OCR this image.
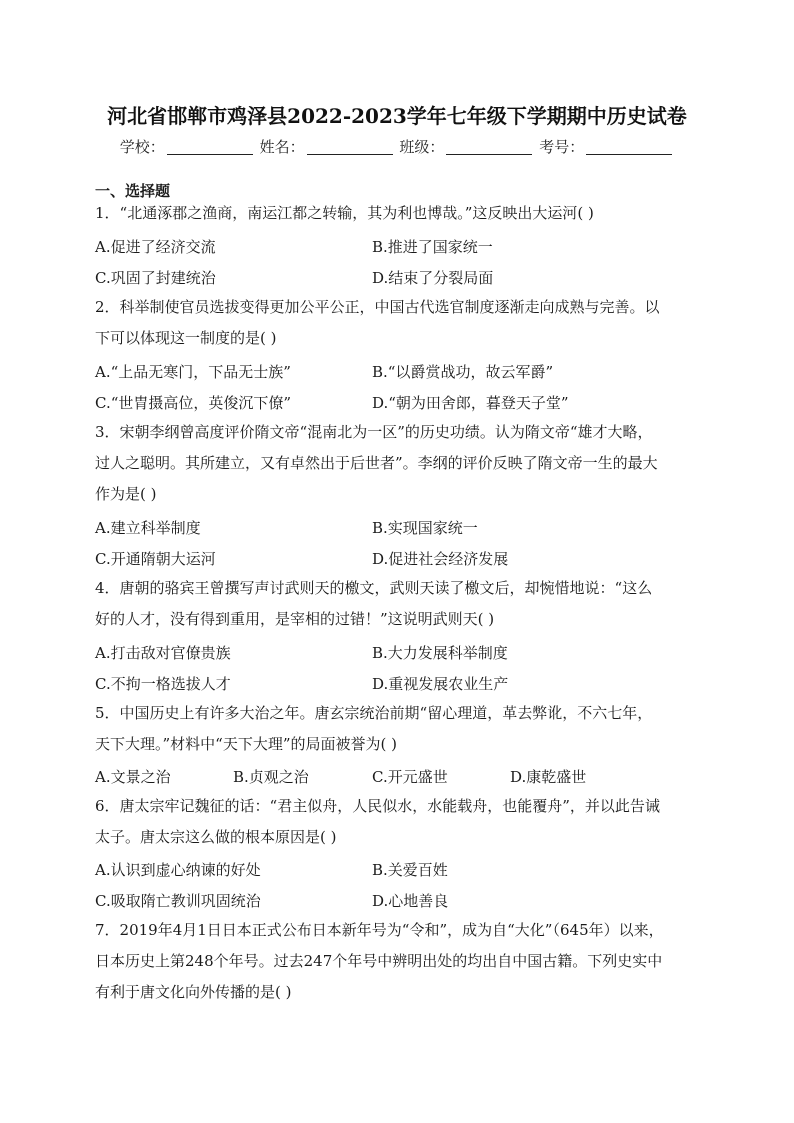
河北省邯郸市鸡泽县2022-2023学年七年级下学期期中历史试卷
学校：	姓名：	班级：	考号：
一、选择题
1．“北通涿郡之渔商，南运江都之转输，其为利也博哉。”这反映出大运河( )
A.促进了经济交流	B.推进了国家统一
C.巩固了封建统治	D.结束了分裂局面
2．科举制使官员选拔变得更加公平公正，中国古代选官制度逐渐走向成熟与完善。以
下可以体现这一制度的是( )
A.“上品无寒门，下品无士族”	B.“以爵赏战功，故云军爵”
C.“世胄摄高位，英俊沉下僚”	D.“朝为田舍郎，暮登天子堂”
3．宋朝李纲曾高度评价隋文帝“混南北为一区”的历史功绩。认为隋文帝“雄才大略，
过人之聪明。其所建立，又有卓然出于后世者”。李纲的评价反映了隋文帝一生的最大
作为是( )
A.建立科举制度	B.实现国家统一
C.开通隋朝大运河	D.促进社会经济发展
4．唐朝的骆宾王曾撰写声讨武则天的檄文，武则天读了檄文后，却惋惜地说：“这么
好的人才，没有得到重用，是宰相的过错！”这说明武则天( )
A.打击敌对官僚贵族	B.大力发展科举制度
C.不拘一格选拔人才	D.重视发展农业生产
5．中国历史上有许多大治之年。唐玄宗统治前期“留心理道，革去弊讹，不六七年，
天下大理。”材料中“天下大理”的局面被誉为( )
A.文景之治	B.贞观之治	C.开元盛世	D.康乾盛世
6．唐太宗牢记魏征的话：“君主似舟，人民似水，水能载舟，也能覆舟”，并以此告诫
太子。唐太宗这么做的根本原因是( )
A.认识到虚心纳谏的好处	B.关爱百姓
C.吸取隋亡教训巩固统治	D.心地善良
7．2019年4月1日日本正式公布日本新年号为“令和”，成为自“大化”（645年）以来，
日本历史上第248个年号。过去247个年号中辨明出处的均出自中国古籍。下列史实中
有利于唐文化向外传播的是( )
